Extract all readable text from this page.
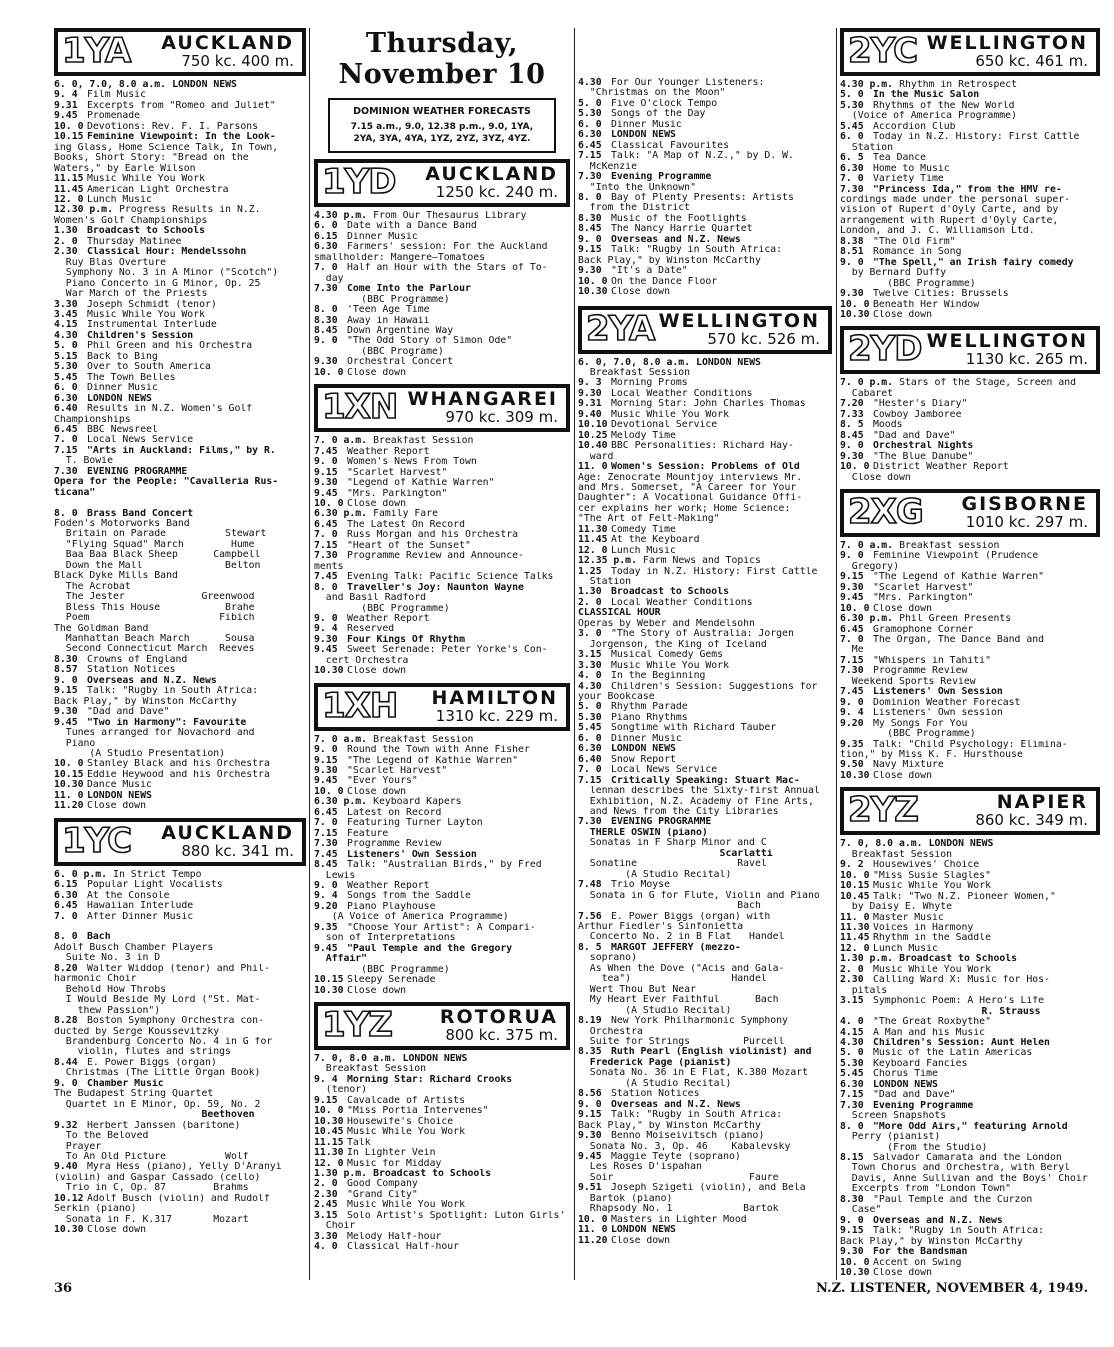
1YA AUCKLAND
750 kc. 400 m.
6. 0, 7.0, 8.0 a.m. LONDON NEWS
9. 4 Film Music
9.31 Excerpts from "Romeo and Juliet"
9.45 Promenade
10. 0 Devotions: Rev. F. I. Parsons
10.15 Feminine Viewpoint: In the Look-
ing Glass, Home Science Talk, In Town,
Books, Short Story: "Bread on the
Waters," by Earle Wilson
11.15 Music While You Work
11.45 American Light Orchestra
12. 0 Lunch Music
12.30 p.m. Progress Results in N.Z.
Women's Golf Championships
1.30 Broadcast to Schools
2. 0 Thursday Matinee
2.30 Classical Hour: Mendelssohn
Ruy Blas Overture
Symphony No. 3 in A Minor ("Scotch")
Piano Concerto in G Minor, Op. 25
War March of the Priests
3.30 Joseph Schmidt (tenor)
3.45 Music While You Work
4.15 Instrumental Interlude
4.30 Children's Session
5. 0 Phil Green and his Orchestra
5.15 Back to Bing
5.30 Over to South America
5.45 The Town Belles
6. 0 Dinner Music
6.30 LONDON NEWS
6.40 Results in N.Z. Women's Golf
Championships
6.45 BBC Newsreel
7. 0 Local News Service
7.15 "Arts in Auckland: Films," by R.
T. Bowie
7.30 EVENING PROGRAMME
Opera for the People: "Cavalleria Rus-
ticana"

8. 0 Brass Band Concert
Foden's Motorworks Band
Britain on Parade          Stewart
"Flying Squad" March        Hume
Baa Baa Black Sheep      Campbell
Down the Mall              Belton
Black Dyke Mills Band
The Acrobat
The Jester             Greenwood
Bless This House           Brahe
Poem                      Fibich
The Goldman Band
Manhattan Beach March      Sousa
Second Connecticut March  Reeves
8.30 Crowns of England
8.57 Station Notices
9. 0 Overseas and N.Z. News
9.15 Talk: "Rugby in South Africa:
Back Play," by Winston McCarthy
9.30 "Dad and Dave"
9.45 "Two in Harmony": Favourite
Tunes arranged for Novachord and
Piano
(A Studio Presentation)
10. 0 Stanley Black and his Orchestra
10.15 Eddie Heywood and his Orchestra
10.30 Dance Music
11. 0 LONDON NEWS
11.20 Close down
1YC AUCKLAND
880 kc. 341 m.
6. 0 p.m. In Strict Tempo
6.15 Popular Light Vocalists
6.30 At the Console
6.45 Hawaiian Interlude
7. 0 After Dinner Music

8. 0 Bach
Adolf Busch Chamber Players
Suite No. 3 in D
8.20 Walter Widdop (tenor) and Phil-
harmonic Choir
Behold How Throbs
I Would Beside My Lord ("St. Mat-
thew Passion")
8.28 Boston Symphony Orchestra con-
ducted by Serge Koussevitzky
Brandenburg Concerto No. 4 in G for
violin, flutes and strings
8.44 E. Power Biggs (organ)
Christmas (The Little Organ Book)
9. 0 Chamber Music
The Budapest String Quartet
Quartet in E Minor, Op. 59, No. 2
Beethoven
9.32 Herbert Janssen (baritone)
To the Beloved
Prayer
To An Old Picture          Wolf
9.40 Myra Hess (piano), Yelly D'Aranyi
(violin) and Gaspar Cassado (cello)
Trio in C, Op. 87        Brahms
10.12 Adolf Busch (violin) and Rudolf
Serkin (piano)
Sonata in F. K.317       Mozart
10.30 Close down
Thursday, November 10
DOMINION WEATHER FORECASTS
7.15 a.m., 9.0, 12.38 p.m., 9.0, 1YA,
2YA, 3YA, 4YA, 1YZ, 2YZ, 3YZ, 4YZ.
1YD AUCKLAND
1250 kc. 240 m.
4.30 p.m. From Our Thesaurus Library
6. 0 Date with a Dance Band
6.15 Dinner Music
6.30 Farmers' session: For the Auckland
smallholder: Mangere—Tomatoes
7. 0 Half an Hour with the Stars of To-
day
7.30 Come Into the Parlour
(BBC Programme)
8. 0 'Teen Age Time
8.30 Away in Hawaii
8.45 Down Argentine Way
9. 0 "The Odd Story of Simon Ode"
(BBC Programe)
9.30 Orchestral Concert
10. 0 Close down
1XN WHANGAREI
970 kc. 309 m.
7. 0 a.m. Breakfast Session
7.45 Weather Report
9. 0 Women's News From Town
9.15 "Scarlet Harvest"
9.30 "Legend of Kathie Warren"
9.45 "Mrs. Parkington"
10. 0 Close down
6.30 p.m. Family Fare
6.45 The Latest On Record
7. 0 Russ Morgan and his Orchestra
7.15 "Heart of the Sunset"
7.30 Programme Review and Announce-
ments
7.45 Evening Talk: Pacific Science Talks
8. 0 Traveller's Joy: Naunton Wayne
and Basil Radford
(BBC Programme)
9. 0 Weather Report
9. 4 Reserved
9.30 Four Kings Of Rhythm
9.45 Sweet Serenade: Peter Yorke's Con-
cert Orchestra
10.30 Close down
1XH HAMILTON
1310 kc. 229 m.
7. 0 a.m. Breakfast Session
9. 0 Round the Town with Anne Fisher
9.15 "The Legend of Kathie Warren"
9.30 "Scarlet Harvest"
9.45 "Ever Yours"
10. 0 Close down
6.30 p.m. Keyboard Kapers
6.45 Latest on Record
7. 0 Featuring Turner Layton
7.15 Feature
7.30 Programme Review
7.45 Listeners' Own Session
8.45 Talk: "Australian Birds," by Fred
Lewis
9. 0 Weather Report
9. 4 Songs from the Saddle
9.20 Piano Playhouse
(A Voice of America Programme)
9.35 "Choose Your Artist": A Compari-
son of Interpretations
9.45 "Paul Temple and the Gregory
Affair"
(BBC Programme)
10.15 Sleepy Serenade
10.30 Close down
1YZ	ROTORUA
800 kc. 375 m.
7. 0, 8.0 a.m. LONDON NEWS
Breakfast Session
9. 4 Morning Star: Richard Crooks
(tenor)
9.15 Cavalcade of Artists
10. 0 "Miss Portia Intervenes"
10.30 Housewife's Choice
10.45 Music While You Work
11.15 Talk
11.30 In Lighter Vein
12. 0 Music for Midday
1.30 p.m. Broadcast to Schools
2. 0 Good Company
2.30 "Grand City"
2.45 Music While You Work
3.15 Solo Artist's Spotlight: Luton Girls'
Choir
3.30 Melody Half-hour
4. 0 Classical Half-hour
4.30 For Our Younger Listeners:
"Christmas on the Moon"
5. 0 Five O'clock Tempo
5.30 Songs of the Day
6. 0 Dinner Music
6.30 LONDON NEWS
6.45 Classical Favourites
7.15 Talk: "A Map of N.Z.," by D. W.
McKenzie
7.30 Evening Programme
"Into the Unknown"
8. 0 Bay of Plenty Presents: Artists
from the District
8.30 Music of the Footlights
8.45 The Nancy Harrie Quartet
9. 0 Overseas and N.Z. News
9.15 Talk: "Rugby in South Africa:
Back Play," by Winston McCarthy
9.30 "It's a Date"
10. 0 On the Dance Floor
10.30 Close down
2YA WELLINGTON
570 kc. 526 m.
6. 0, 7.0, 8.0 a.m. LONDON NEWS
Breakfast Session
9. 3 Morning Proms
9.30 Local Weather Conditions
9.31 Morning Star: John Charles Thomas
9.40 Music While You Work
10.10 Devotional Service
10.25 Melody Time
10.40 BBC Personalities: Richard Hay-
ward
11. 0 Women's Session: Problems of Old
Age: Zenocrate Mountjoy interviews Mr.
and Mrs. Somerset, "A Career for Your
Daughter": A Vocational Guidance Offi-
cer explains her work; Home Science:
"The Art of Felt-Making"
11.30 Comedy Time
11.45 At the Keyboard
12. 0 Lunch Music
12.35 p.m. Farm News and Topics
1.25 Today in N.Z. History: First Cattle
Station
1.30 Broadcast to Schools
2. 0 Local Weather Conditions
CLASSICAL HOUR
Operas by Weber and Mendelsohn
3. 0 "The Story of Australia: Jorgen
Jorgenson, the King of Iceland
3.15 Musical Comedy Gems
3.30 Music While You Work
4. 0 In the Beginning
4.30 Children's Session: Suggestions for
your Bookcase
5. 0 Rhythm Parade
5.30 Piano Rhythms
5.45 Songtime with Richard Tauber
6. 0 Dinner Music
6.30 LONDON NEWS
6.40 Snow Report
7. 0 Local News Service
7.15 Critically Speaking: Stuart Mac-
lennan describes the Sixty-first Annual
Exhibition, N.Z. Academy of Fine Arts,
and News from the City Libraries
7.30 EVENING PROGRAMME
THERLE OSWIN (piano)
Sonatas in F Sharp Minor and C
Scarlatti
Sonatine                 Ravel
(A Studio Recital)
7.48 Trio Moyse
Sonata in G for Flute, Violin and Piano
Bach
7.56 E. Power Biggs (organ) with
Arthur Fiedler's Sinfonietta
Concerto No. 2 in B Flat   Handel
8. 5 MARGOT JEFFERY (mezzo-
soprano)
As When the Dove ("Acis and Gala-
tea")                 Handel
Wert Thou But Near
My Heart Ever Faithful      Bach
(A Studio Recital)
8.19 New York Philharmonic Symphony
Orchestra
Suite for Strings         Purcell
8.35 Ruth Pearl (English violinist) and
Frederick Page (pianist)
Sonata No. 36 in E Flat, K.380 Mozart
(A Studio Recital)
8.56 Station Notices
9. 0 Overseas and N.Z. News
9.15 Talk: "Rugby in South Africa:
Back Play," by Winston McCarthy
9.30 Benno Moiseivitsch (piano)
Sonata No. 3, Op. 46    Kabalevsky
9.45 Maggie Teyte (soprano)
Les Roses D'ispahan
Soir                       Faure
9.51 Joseph Szigeti (violin), and Bela
Bartok (piano)
Rhapsody No. 1            Bartok
10. 0 Masters in Lighter Mood
11. 0 LONDON NEWS
11.20 Close down
2YC WELLINGTON
650 kc. 461 m.
4.30 p.m. Rhythm in Retrospect
5. 0 In the Music Salon
5.30 Rhythms of the New World
(Voice of America Programme)
5.45 Accordion Club
6. 0 Today in N.Z. History: First Cattle
Station
6. 5 Tea Dance
6.30 Home to Music
7. 0 Variety Time
7.30 "Princess Ida," from the HMV re-
cordings made under the personal super-
vision of Rupert d'Oyly Carte, and by
arrangement with Rupert d'Oyly Carte,
London, and J. C. Williamson Ltd.
8.38 "The Old Firm"
8.51 Romance in Song
9. 0 "The Spell," an Irish fairy comedy
by Bernard Duffy
(BBC Programme)
9.30 Twelve Cities: Brussels
10. 0 Beneath Her Window
10.30 Close down
2YD WELLINGTON
1130 kc. 265 m.
7. 0 p.m. Stars of the Stage, Screen and
Cabaret
7.20 "Hester's Diary"
7.33 Cowboy Jamboree
8. 5 Moods
8.45 "Dad and Dave"
9. 0 Orchestral Nights
9.30 "The Blue Danube"
10. 0 District Weather Report
Close down
2XG GISBORNE
1010 kc. 297 m.
7. 0 a.m. Breakfast session
9. 0 Feminine Viewpoint (Prudence
Gregory)
9.15 "The Legend of Kathie Warren"
9.30 "Scarlet Harvest"
9.45 "Mrs. Parkington"
10. 0 Close down
6.30 p.m. Phil Green Presents
6.45 Gramophone Corner
7. 0 The Organ, The Dance Band and
Me
7.15 "Whispers in Tahiti"
7.30 Programme Review
Weekend Sports Review
7.45 Listeners' Own Session
9. 0 Dominion Weather Forecast
9. 4 Listeners' Own session
9.20 My Songs For You
(BBC Programme)
9.35 Talk: "Child Psychology: Elimina-
tion," by Miss K. F. Hursthouse
9.50 Navy Mixture
10.30 Close down
2YZ	NAPIER
860 kc. 349 m.
7. 0, 8.0 a.m. LONDON NEWS
Breakfast Session
9. 2 Housewives' Choice
10. 0 "Miss Susie Slagles"
10.15 Music While You Work
10.45 Talk: "Two N.Z. Pioneer Women,"
by Daisy E. Whyte
11. 0 Master Music
11.30 Voices in Harmony
11.45 Rhythm in the Saddle
12. 0 Lunch Music
1.30 p.m. Broadcast to Schools
2. 0 Music While You Work
2.30 Calling Ward X: Music for Hos-
pitals
3.15 Symphonic Poem: A Hero's Life
R. Strauss
4. 0 "The Great Roxbythe"
4.15 A Man and his Music
4.30 Children's Session: Aunt Helen
5. 0 Music of the Latin Americas
5.30 Keyboard Fancies
5.45 Chorus Time
6.30 LONDON NEWS
7.15 "Dad and Dave"
7.30 Evening Programme
Screen Snapshots
8. 0 "More Odd Airs," featuring Arnold
Perry (pianist)
(From the Studio)
8.15 Salvador Camarata and the London
Town Chorus and Orchestra, with Beryl
Davis, Anne Sullivan and the Boys' Choir
Excerpts from "London Town"
8.30 "Paul Temple and the Curzon
Case"
9. 0 Overseas and N.Z. News
9.15 Talk: "Rugby in South Africa:
Back Play," by Winston McCarthy
9.30 For the Bandsman
10. 0 Accent on Swing
10.30 Close down
36	N.Z. LISTENER, NOVEMBER 4, 1949.
